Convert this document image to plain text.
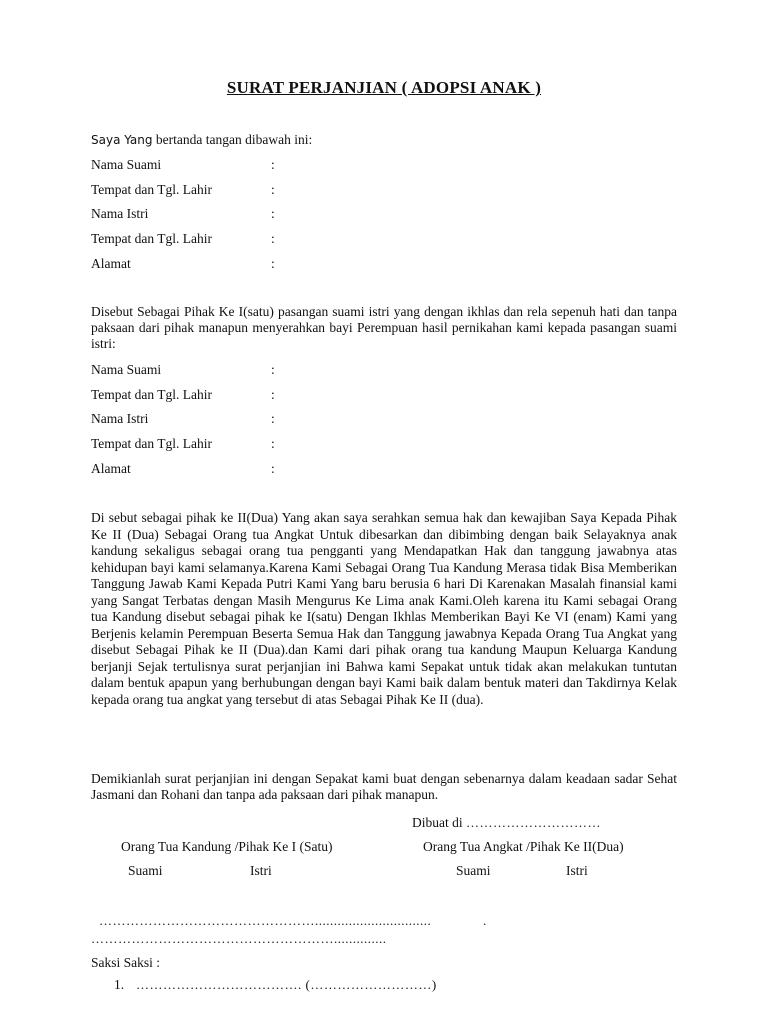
SURAT PERJANJIAN ( ADOPSI ANAK )
Saya Yang bertanda tangan dibawah ini:
Nama Suami	:
Tempat dan Tgl. Lahir	:
Nama Istri	:
Tempat dan Tgl. Lahir	:
Alamat	:
Disebut Sebagai Pihak Ke I(satu) pasangan suami istri yang dengan ikhlas dan rela sepenuh hati dan tanpa paksaan dari pihak manapun menyerahkan bayi Perempuan hasil pernikahan kami kepada pasangan suami istri:
Nama Suami	:
Tempat dan Tgl. Lahir	:
Nama Istri	:
Tempat dan Tgl. Lahir	:
Alamat	:
Di sebut sebagai pihak ke II(Dua) Yang akan saya serahkan semua hak dan kewajiban Saya Kepada Pihak Ke II (Dua) Sebagai Orang tua Angkat Untuk dibesarkan dan dibimbing dengan baik Selayaknya anak kandung sekaligus sebagai orang tua pengganti yang Mendapatkan Hak dan tanggung jawabnya atas kehidupan bayi kami selamanya.Karena Kami Sebagai Orang Tua Kandung Merasa tidak Bisa Memberikan Tanggung Jawab Kami Kepada Putri Kami Yang baru berusia 6 hari Di Karenakan Masalah finansial kami yang Sangat Terbatas dengan Masih Mengurus Ke Lima anak Kami.Oleh karena itu Kami sebagai Orang tua Kandung disebut sebagai pihak ke I(satu) Dengan Ikhlas Memberikan Bayi Ke VI (enam) Kami yang Berjenis kelamin Perempuan Beserta Semua Hak dan Tanggung jawabnya Kepada Orang Tua Angkat yang disebut Sebagai Pihak ke II (Dua).dan Kami dari pihak orang tua kandung Maupun Keluarga Kandung berjanji Sejak tertulisnya surat perjanjian ini Bahwa kami Sepakat untuk tidak akan melakukan tuntutan dalam bentuk apapun yang berhubungan dengan bayi Kami baik dalam bentuk materi dan Takdirnya Kelak kepada orang tua angkat yang tersebut di atas Sebagai Pihak Ke II (dua).
Demikianlah surat perjanjian ini dengan Sepakat kami buat dengan sebenarnya dalam keadaan sadar Sehat Jasmani dan Rohani dan tanpa ada paksaan dari pihak manapun.
Dibuat di …………………………
Orang Tua Kandung /Pihak Ke I (Satu)	Orang Tua Angkat /Pihak Ke II(Dua)
Suami	Istri	Suami	Istri
…………………………………………...............................	.
………………………………………………..............
Saksi Saksi :
1. ………………………………. (………………………)
